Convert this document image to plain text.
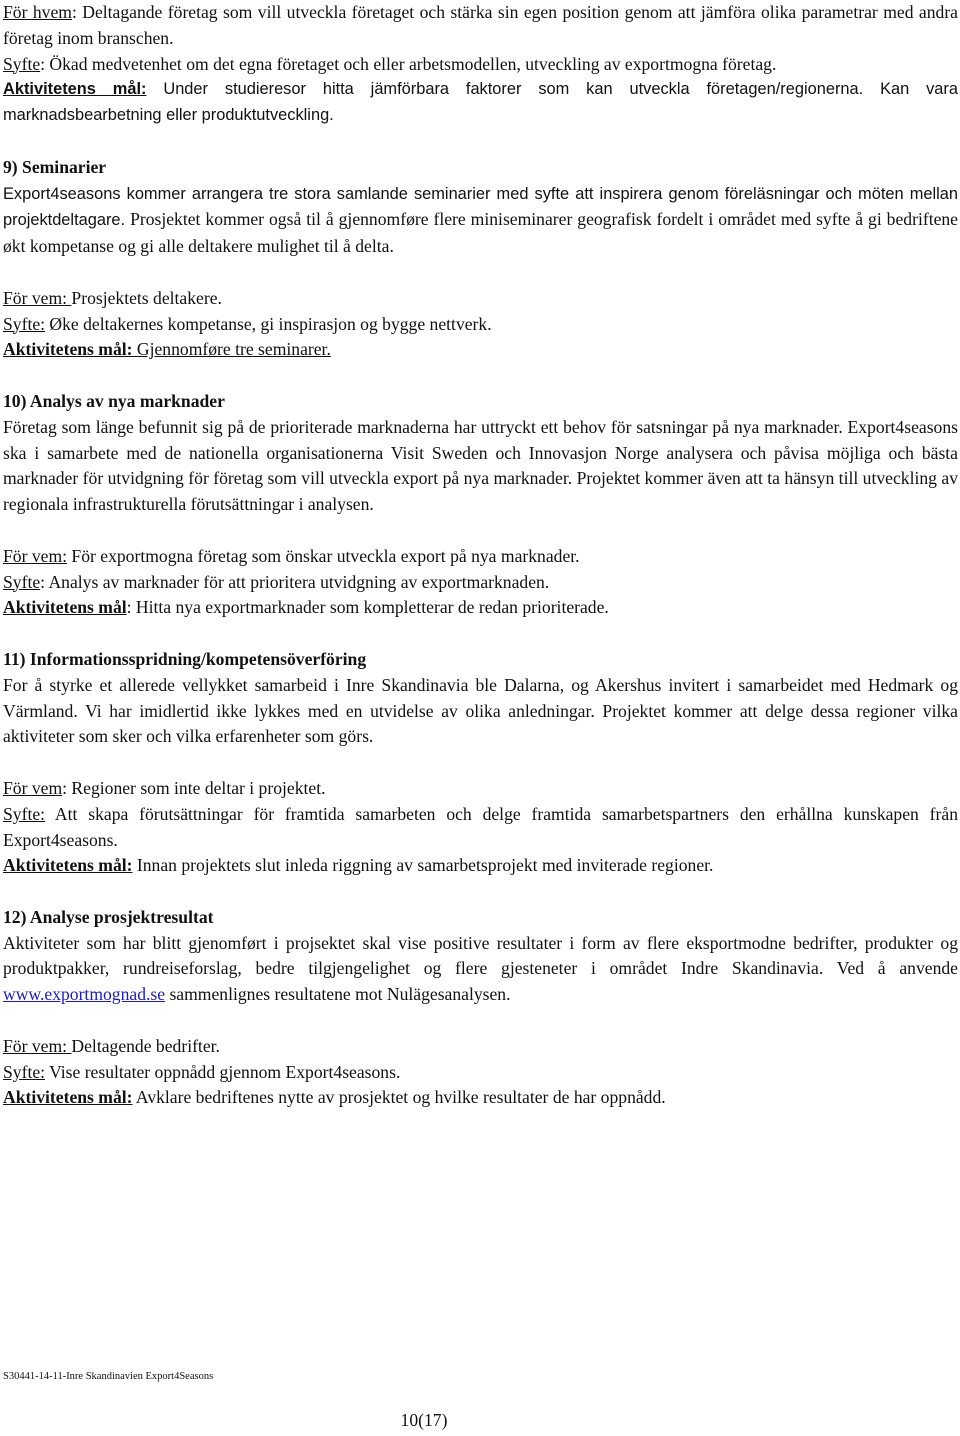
För hvem: Deltagande företag som vill utveckla företaget och stärka sin egen position genom att jämföra olika parametrar med andra företag inom branschen.

Syfte: Ökad medvetenhet om det egna företaget och eller arbetsmodellen, utveckling av exportmogna företag.

Aktivitetens mål: Under studieresor hitta jämförbara faktorer som kan utveckla företagen/regionerna. Kan vara marknadsbearbetning eller produktutveckling.

9) Seminarier

Export4seasons kommer arrangera tre stora samlande seminarier med syfte att inspirera genom föreläsningar och möten mellan projektdeltagare. Prosjektet kommer også til å gjennomføre flere miniseminarer geografisk fordelt i området med syfte å gi bedriftene økt kompetanse og gi alle deltakere mulighet til å delta.

För vem: Prosjektets deltakere.

Syfte: Øke deltakernes kompetanse, gi inspirasjon og bygge nettverk.

Aktivitetens mål: Gjennomføre tre seminarer.

10) Analys av nya marknader

Företag som länge befunnit sig på de prioriterade marknaderna har uttryckt ett behov för satsningar på nya marknader. Export4seasons ska i samarbete med de nationella organisationerna Visit Sweden och Innovasjon Norge analysera och påvisa möjliga och bästa marknader för utvidgning för företag som vill utveckla export på nya marknader. Projektet kommer även att ta hänsyn till utveckling av regionala infrastrukturella förutsättningar i analysen.

För vem: För exportmogna företag som önskar utveckla export på nya marknader.

Syfte: Analys av marknader för att prioritera utvidgning av exportmarknaden.

Aktivitetens mål: Hitta nya exportmarknader som kompletterar de redan prioriterade.

11) Informationsspridning/kompetensöverföring

For å styrke et allerede vellykket samarbeid i Inre Skandinavia ble Dalarna, og Akershus invitert i samarbeidet med Hedmark og Värmland. Vi har imidlertid ikke lykkes med en utvidelse av olika anledningar. Projektet kommer att delge dessa regioner vilka aktiviteter som sker och vilka erfarenheter som görs.

För vem: Regioner som inte deltar i projektet.

Syfte: Att skapa förutsättningar för framtida samarbeten och delge framtida samarbetspartners den erhållna kunskapen från Export4seasons.

Aktivitetens mål: Innan projektets slut inleda riggning av samarbetsprojekt med inviterade regioner.

12) Analyse prosjektresultat

Aktiviteter som har blitt gjenomført i projsektet skal vise positive resultater i form av flere eksportmodne bedrifter, produkter og produktpakker, rundreiseforslag, bedre tilgjengelighet og flere gjesteneter i området Indre Skandinavia. Ved å anvende www.exportmognad.se sammenlignes resultatene mot Nulägesanalysen.

För vem: Deltagende bedrifter.

Syfte: Vise resultater oppnådd gjennom Export4seasons.

Aktivitetens mål: Avklare bedriftenes nytte av prosjektet og hvilke resultater de har oppnådd.

S30441-14-11-Inre Skandinavien Export4Seasons
10(17)
